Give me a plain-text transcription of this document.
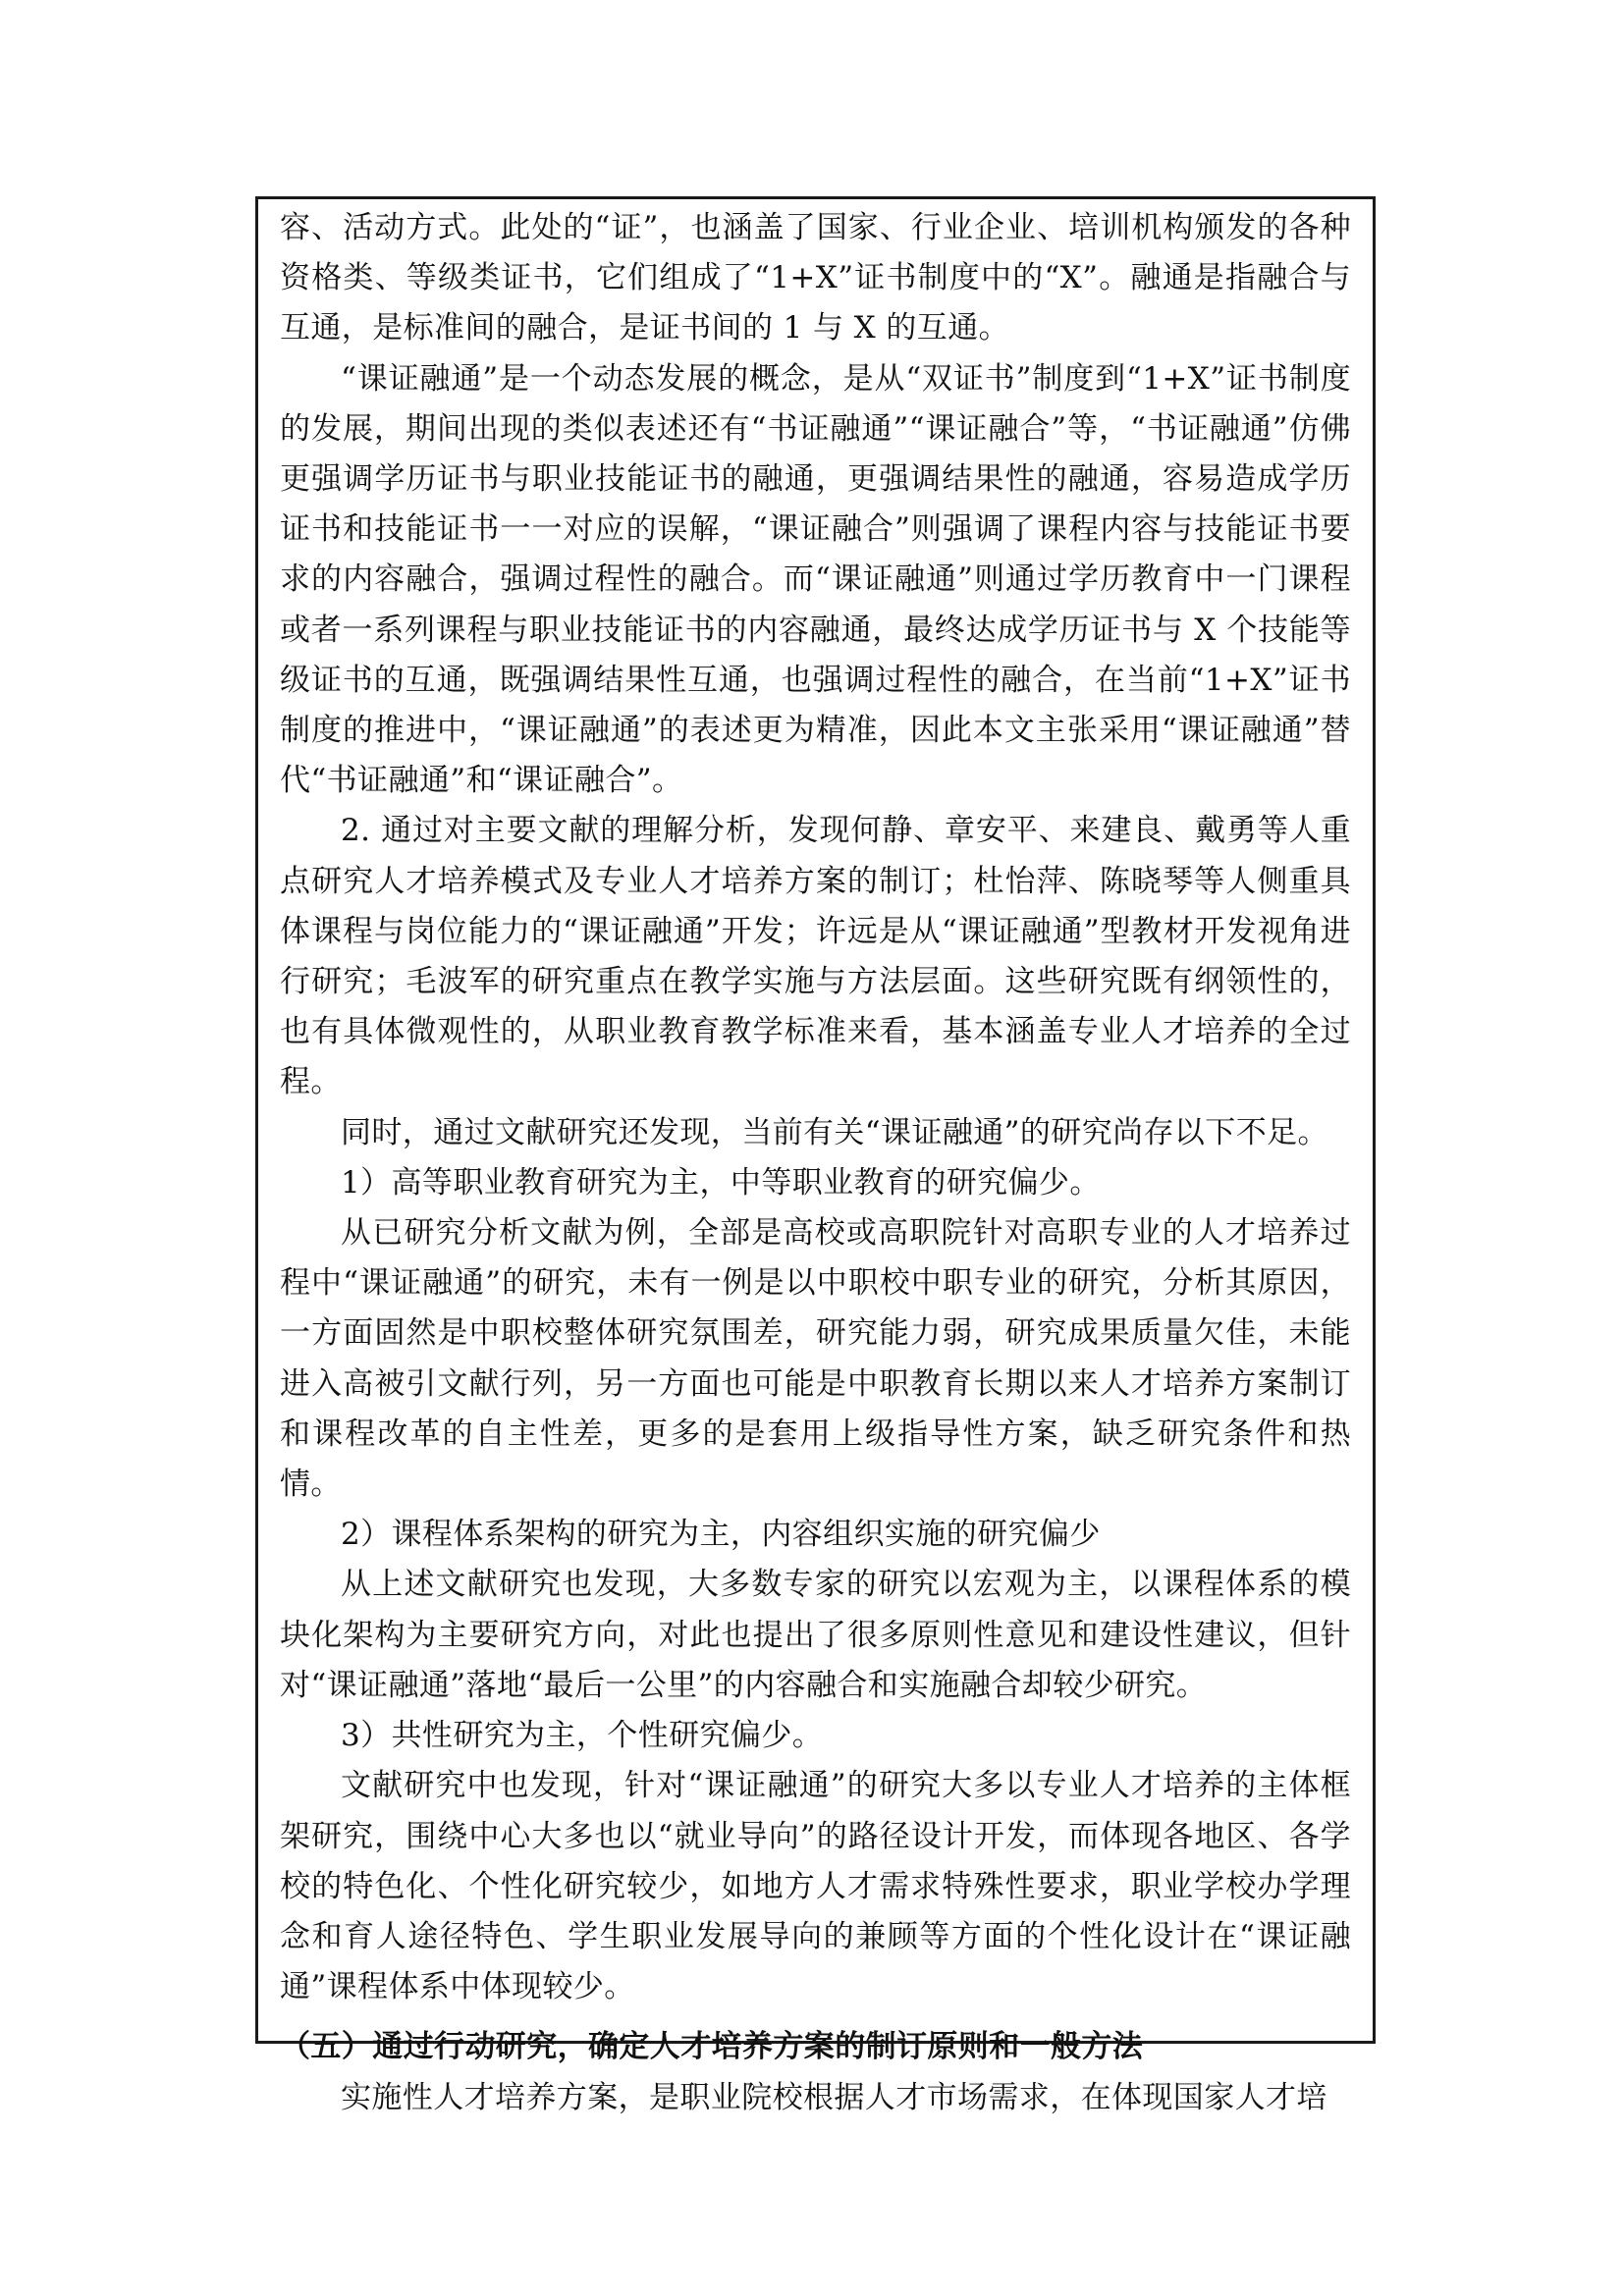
容、活动方式。此处的“证”，也涵盖了国家、行业企业、培训机构颁发的各种资格类、等级类证书，它们组成了“1+X”证书制度中的“X”。融通是指融合与互通，是标准间的融合，是证书间的 1 与 X 的互通。

“课证融通”是一个动态发展的概念，是从“双证书”制度到“1+X”证书制度的发展，期间出现的类似表述还有“书证融通”“课证融合”等，“书证融通”仿佛更强调学历证书与职业技能证书的融通，更强调结果性的融通，容易造成学历证书和技能证书一一对应的误解，“课证融合”则强调了课程内容与技能证书要求的内容融合，强调过程性的融合。而“课证融通”则通过学历教育中一门课程或者一系列课程与职业技能证书的内容融通，最终达成学历证书与 X 个技能等级证书的互通，既强调结果性互通，也强调过程性的融合，在当前“1+X”证书制度的推进中，“课证融通”的表述更为精准，因此本文主张采用“课证融通”替代“书证融通”和“课证融合”。

2. 通过对主要文献的理解分析，发现何静、章安平、来建良、戴勇等人重点研究人才培养模式及专业人才培养方案的制订；杜怡萍、陈晓琴等人侧重具体课程与岗位能力的“课证融通”开发；许远是从“课证融通”型教材开发视角进行研究；毛波军的研究重点在教学实施与方法层面。这些研究既有纲领性的，也有具体微观性的，从职业教育教学标准来看，基本涵盖专业人才培养的全过程。

同时，通过文献研究还发现，当前有关“课证融通”的研究尚存以下不足。

1）高等职业教育研究为主，中等职业教育的研究偏少。

从已研究分析文献为例，全部是高校或高职院针对高职专业的人才培养过程中“课证融通”的研究，未有一例是以中职校中职专业的研究，分析其原因，一方面固然是中职校整体研究氛围差，研究能力弱，研究成果质量欠佳，未能进入高被引文献行列，另一方面也可能是中职教育长期以来人才培养方案制订和课程改革的自主性差，更多的是套用上级指导性方案，缺乏研究条件和热情。

2）课程体系架构的研究为主，内容组织实施的研究偏少

从上述文献研究也发现，大多数专家的研究以宏观为主，以课程体系的模块化架构为主要研究方向，对此也提出了很多原则性意见和建设性建议，但针对“课证融通”落地“最后一公里”的内容融合和实施融合却较少研究。

3）共性研究为主，个性研究偏少。

文献研究中也发现，针对“课证融通”的研究大多以专业人才培养的主体框架研究，围绕中心大多也以“就业导向”的路径设计开发，而体现各地区、各学校的特色化、个性化研究较少，如地方人才需求特殊性要求，职业学校办学理念和育人途径特色、学生职业发展导向的兼顾等方面的个性化设计在“课证融通”课程体系中体现较少。

（五）通过行动研究，确定人才培养方案的制订原则和一般方法

实施性人才培养方案，是职业院校根据人才市场需求，在体现国家人才培
